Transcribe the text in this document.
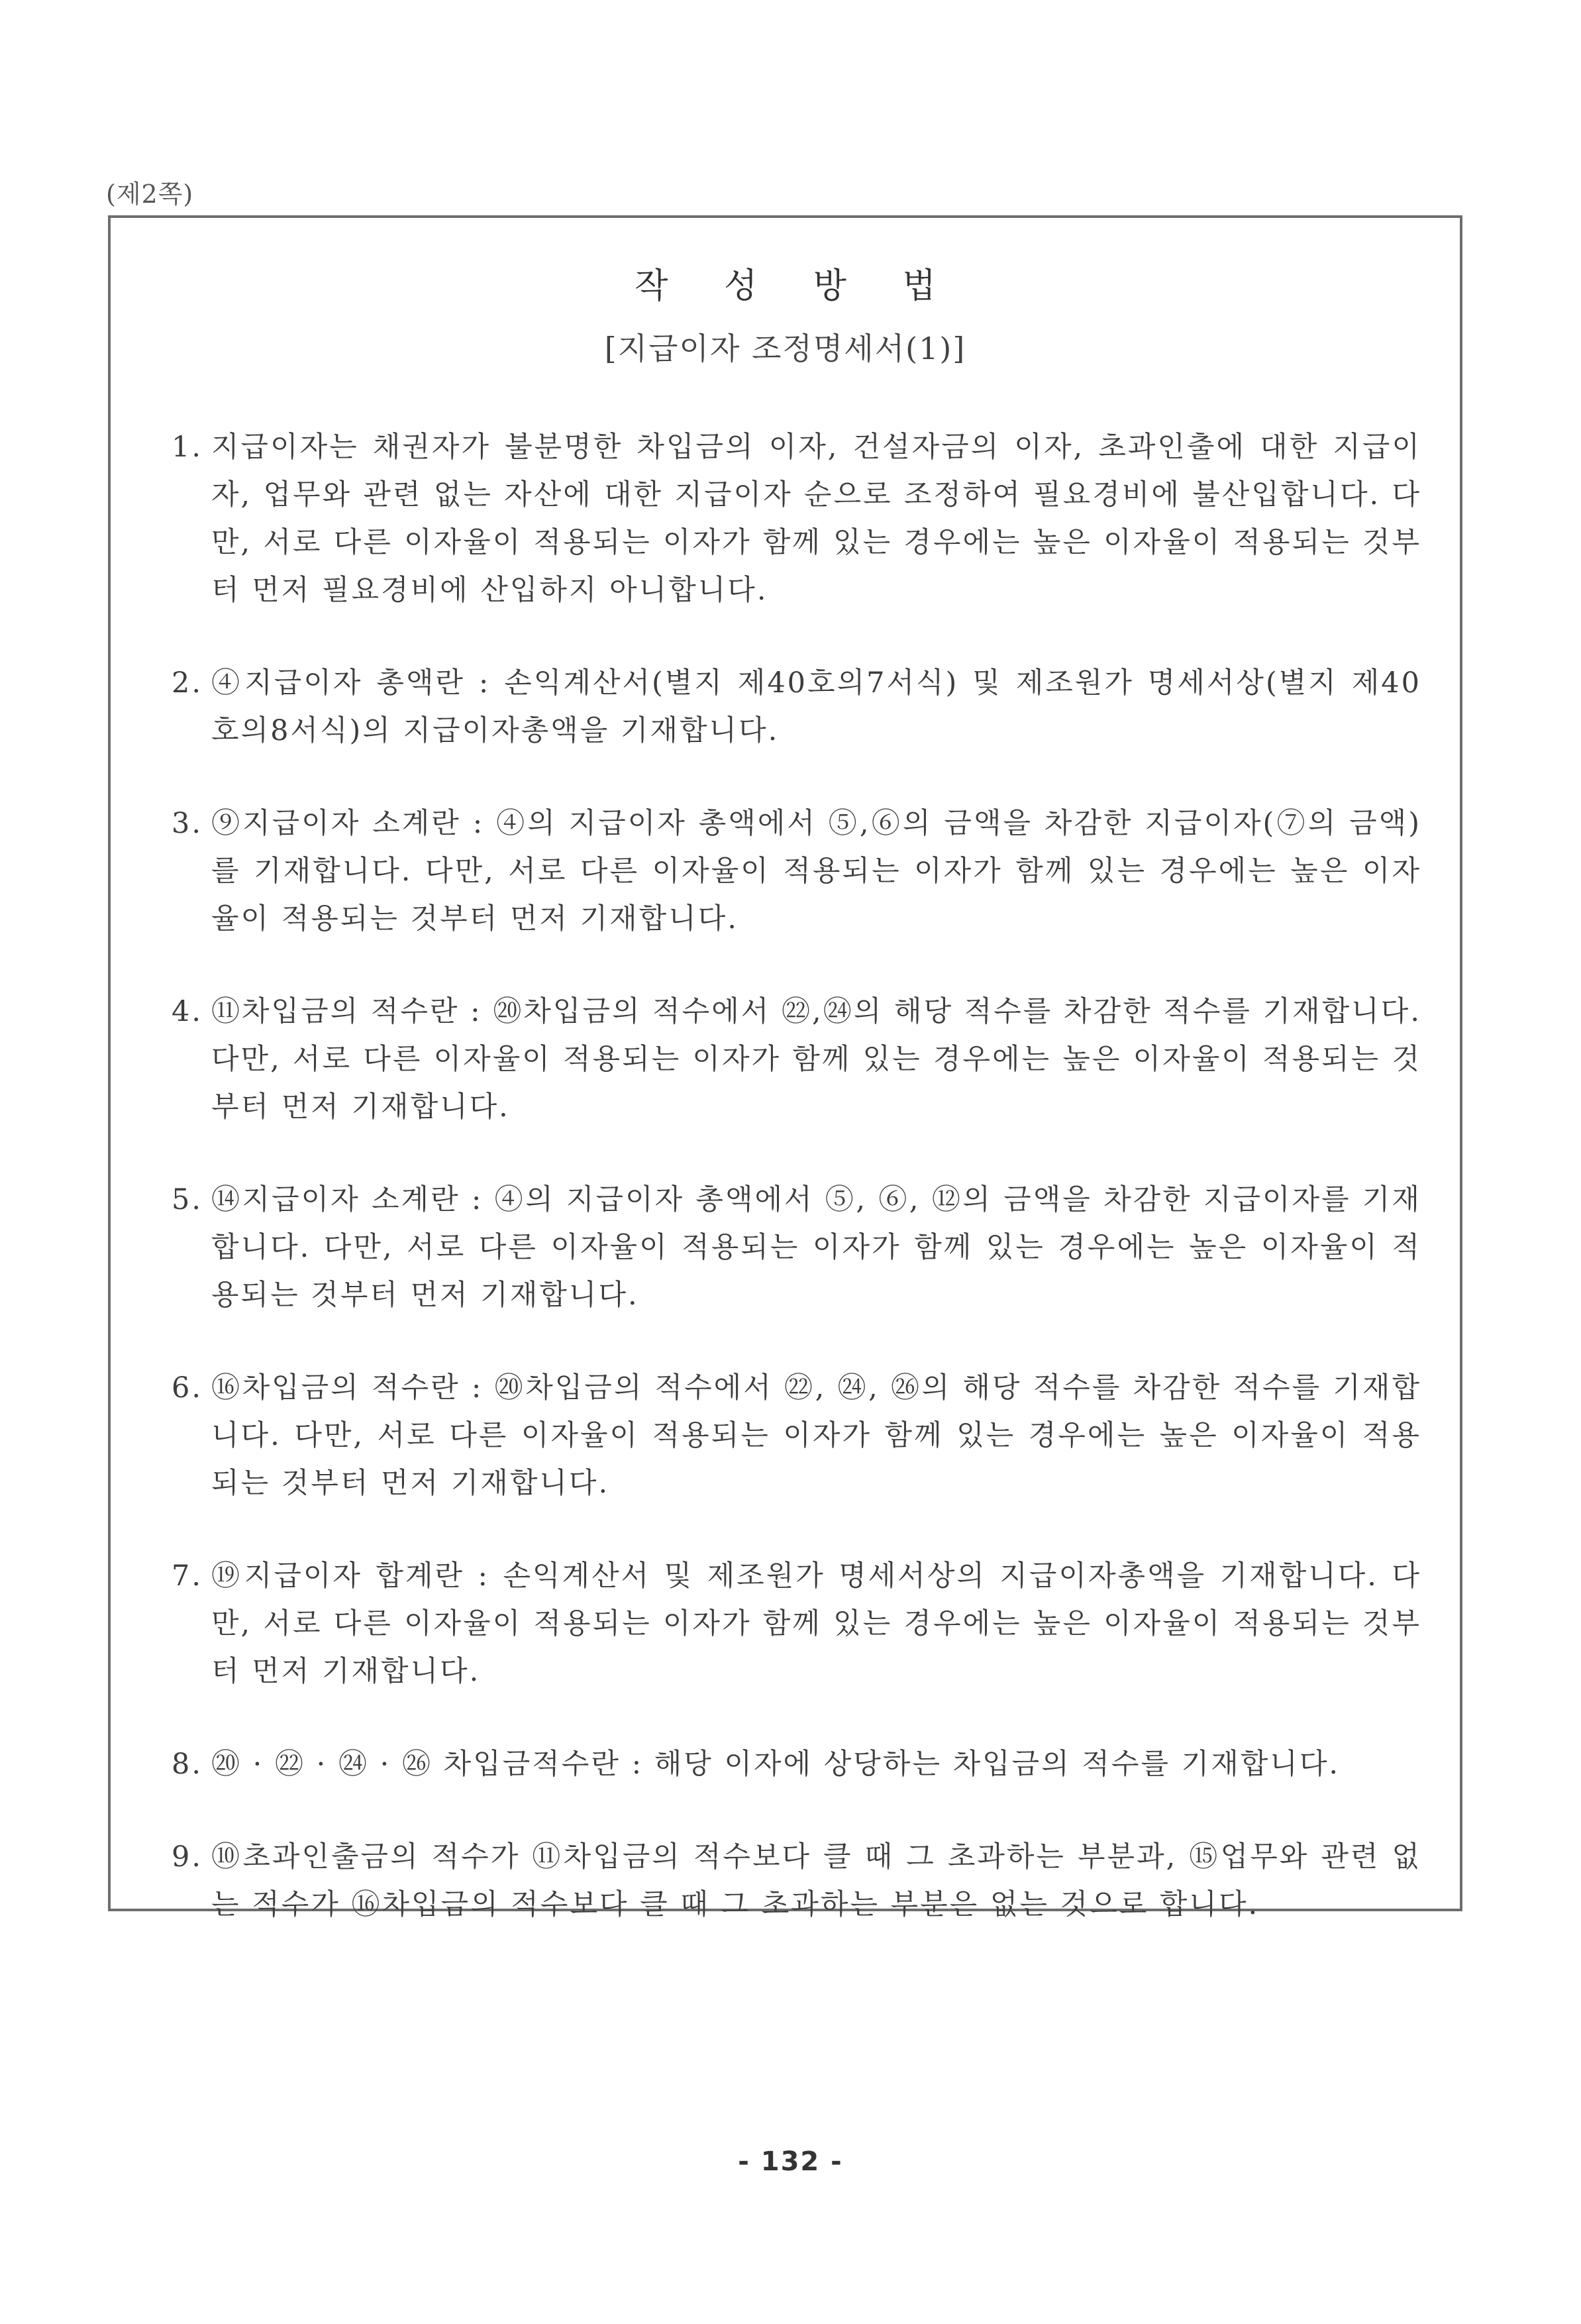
(제2쪽)
작 성 방 법
[지급이자 조정명세서(1)]
1. 지급이자는 채권자가 불분명한 차입금의 이자, 건설자금의 이자, 초과인출에 대한 지급이자, 업무와 관련 없는 자산에 대한 지급이자 순으로 조정하여 필요경비에 불산입합니다. 다만, 서로 다른 이자율이 적용되는 이자가 함께 있는 경우에는 높은 이자율이 적용되는 것부터 먼저 필요경비에 산입하지 아니합니다.
2. ④지급이자 총액란 : 손익계산서(별지 제40호의7서식) 및 제조원가 명세서상(별지 제40호의8서식)의 지급이자총액을 기재합니다.
3. ⑨지급이자 소계란 : ④의 지급이자 총액에서 ⑤,⑥의 금액을 차감한 지급이자(⑦의 금액)를 기재합니다. 다만, 서로 다른 이자율이 적용되는 이자가 함께 있는 경우에는 높은 이자율이 적용되는 것부터 먼저 기재합니다.
4. ⑪차입금의 적수란 : ⑳차입금의 적수에서 ㉒,㉔의 해당 적수를 차감한 적수를 기재합니다. 다만, 서로 다른 이자율이 적용되는 이자가 함께 있는 경우에는 높은 이자율이 적용되는 것부터 먼저 기재합니다.
5. ⑭지급이자 소계란 : ④의 지급이자 총액에서 ⑤, ⑥, ⑫의 금액을 차감한 지급이자를 기재합니다. 다만, 서로 다른 이자율이 적용되는 이자가 함께 있는 경우에는 높은 이자율이 적용되는 것부터 먼저 기재합니다.
6. ⑯차입금의 적수란 : ⑳차입금의 적수에서 ㉒, ㉔, ㉖의 해당 적수를 차감한 적수를 기재합니다. 다만, 서로 다른 이자율이 적용되는 이자가 함께 있는 경우에는 높은 이자율이 적용되는 것부터 먼저 기재합니다.
7. ⑲지급이자 합계란 : 손익계산서 및 제조원가 명세서상의 지급이자총액을 기재합니다. 다만, 서로 다른 이자율이 적용되는 이자가 함께 있는 경우에는 높은 이자율이 적용되는 것부터 먼저 기재합니다.
8. ⑳ · ㉒ · ㉔ · ㉖ 차입금적수란 : 해당 이자에 상당하는 차입금의 적수를 기재합니다.
9. ⑩초과인출금의 적수가 ⑪차입금의 적수보다 클 때 그 초과하는 부분과, ⑮업무와 관련 없는 적수가 ⑯차입금의 적수보다 클 때 그 초과하는 부분은 없는 것으로 합니다.
- 132 -
